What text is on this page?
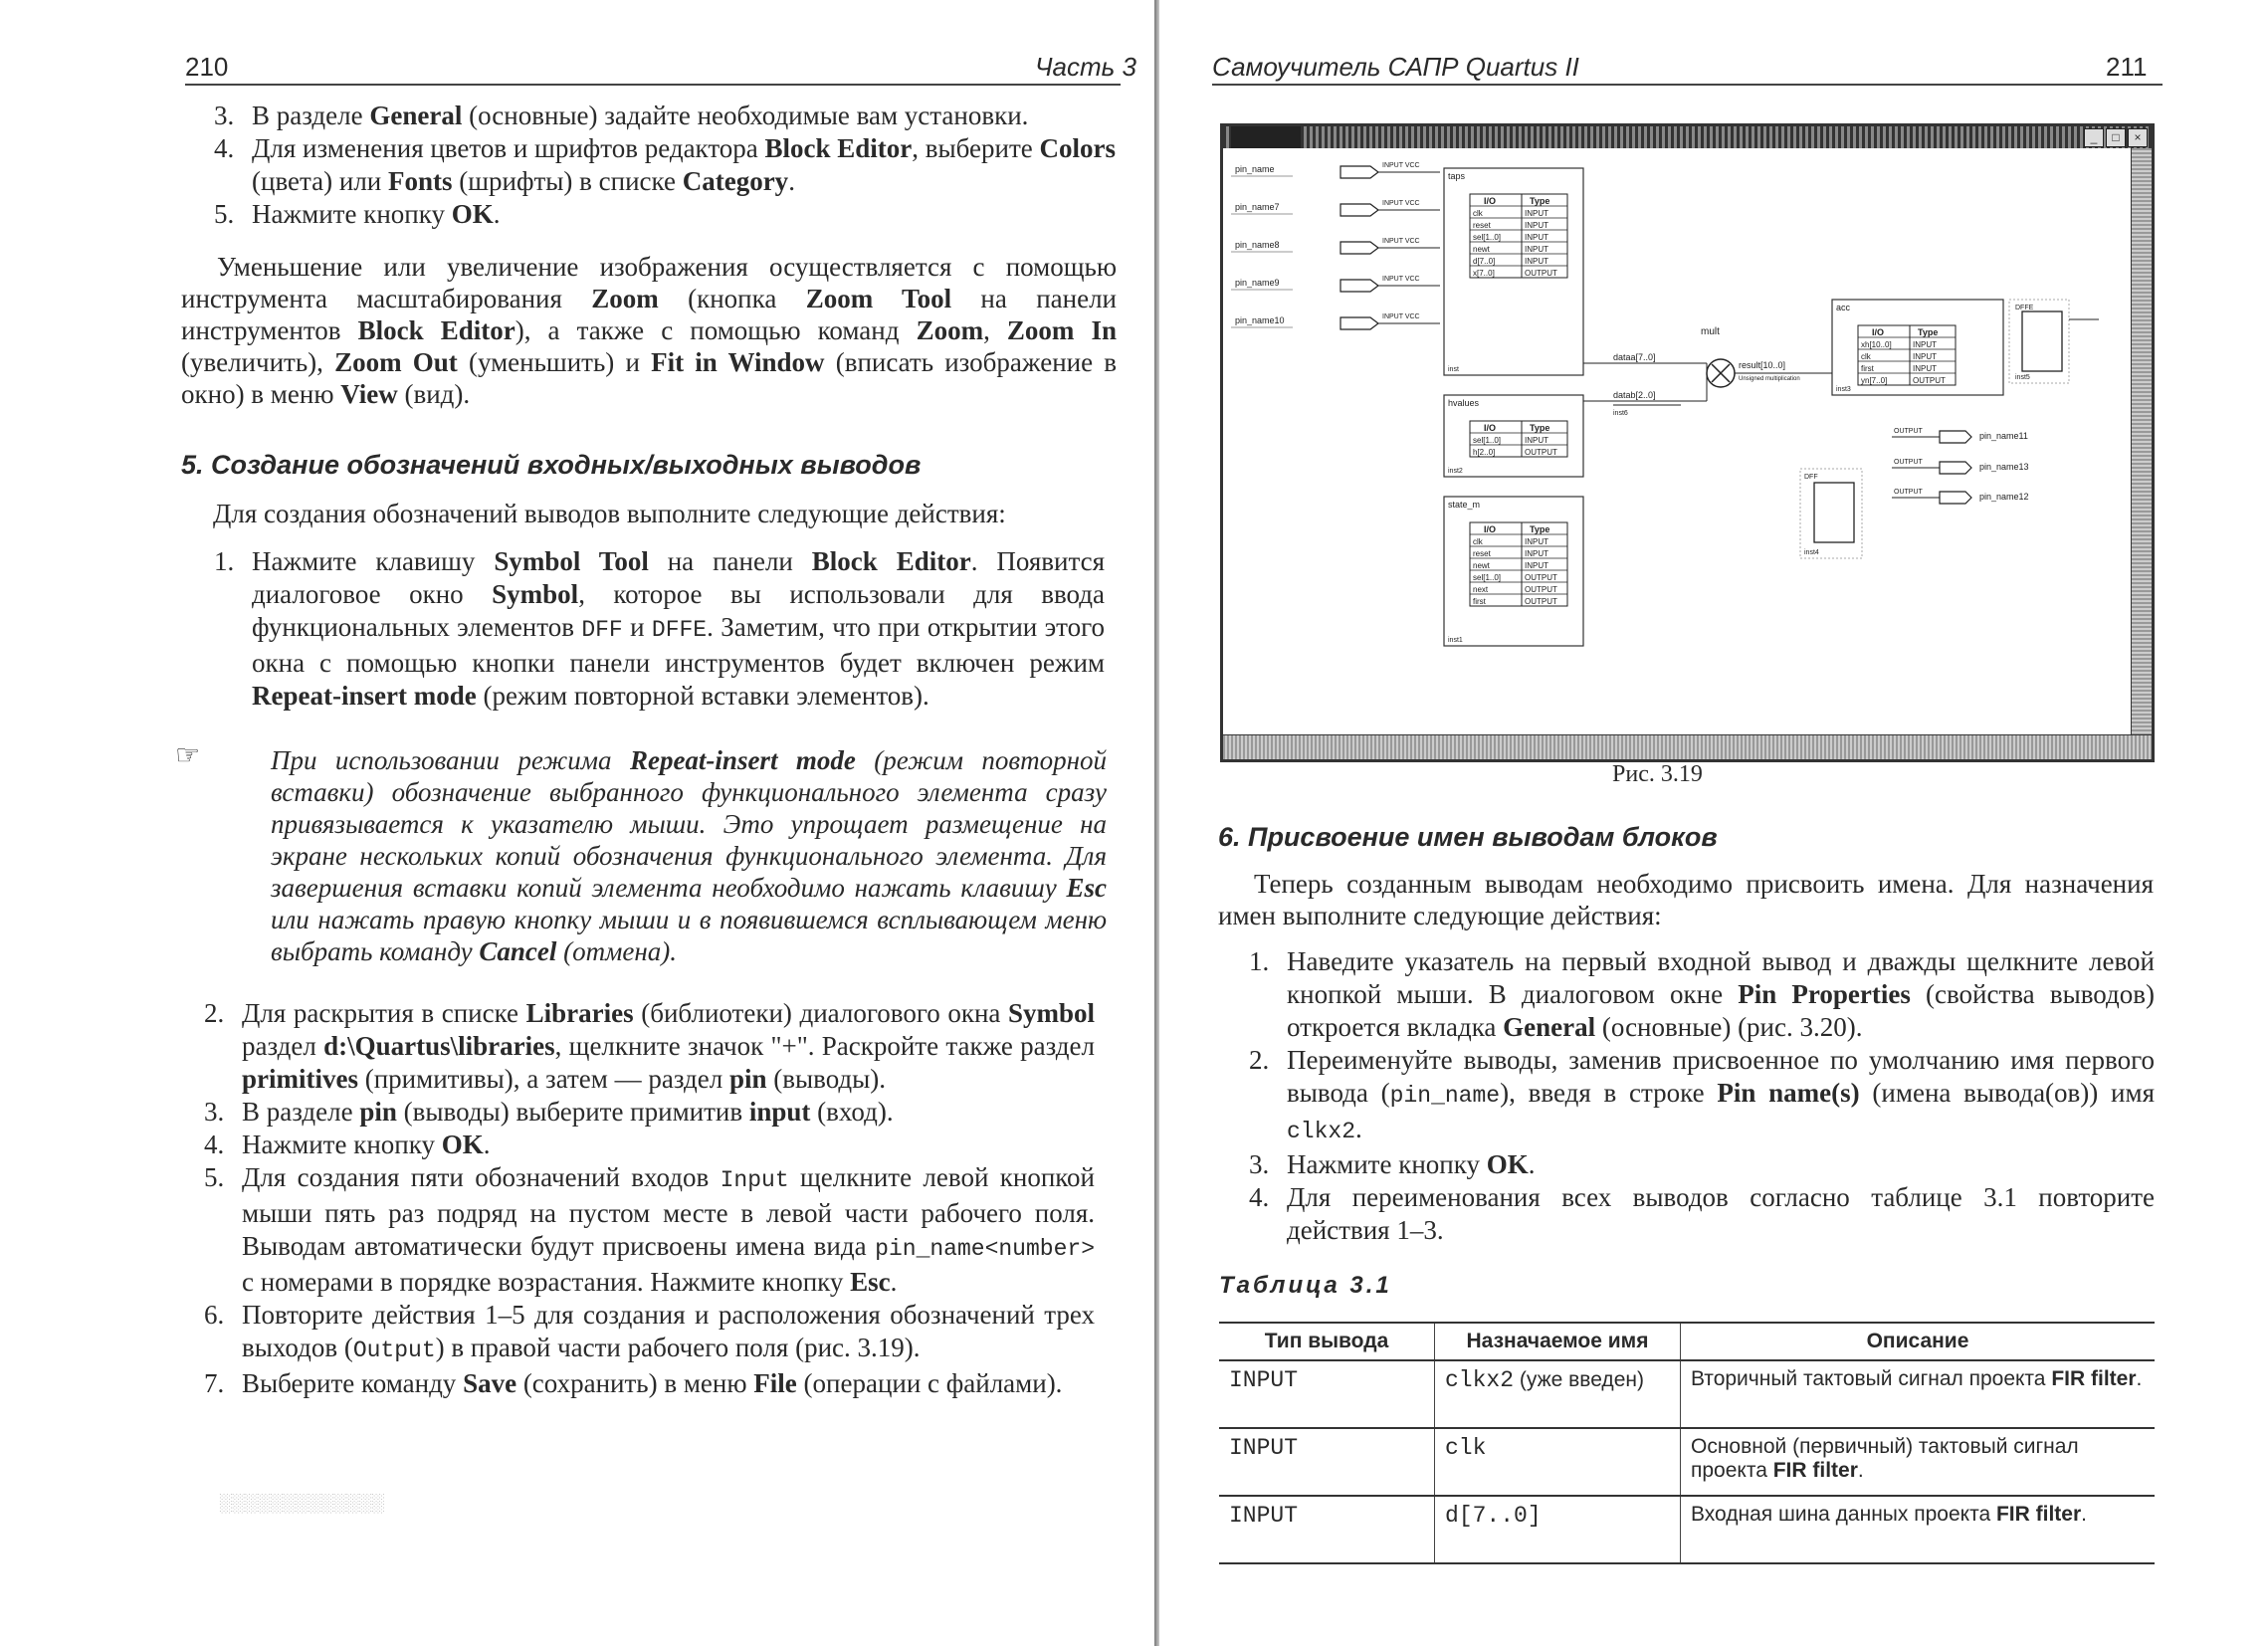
210	Часть 3
3. В разделе General (основные) задайте необходимые вам установки.
4. Для изменения цветов и шрифтов редактора Block Editor, выберите Colors (цвета) или Fonts (шрифты) в списке Category.
5. Нажмите кнопку OK.
Уменьшение или увеличение изображения осуществляется с помощью инструмента масштабирования Zoom (кнопка Zoom Tool на панели инструментов Block Editor), а также с помощью команд Zoom, Zoom In (увеличить), Zoom Out (уменьшить) и Fit in Window (вписать изображение в окно) в меню View (вид).
5. Создание обозначений входных/выходных выводов
Для создания обозначений выводов выполните следующие действия:
1. Нажмите клавишу Symbol Tool на панели Block Editor. Появится диалоговое окно Symbol, которое вы использовали для ввода функциональных элементов DFF и DFFE. Заметим, что при открытии этого окна с помощью кнопки панели инструментов будет включен режим Repeat-insert mode (режим повторной вставки элементов).
☞	При использовании режима Repeat-insert mode (режим повторной вставки) обозначение выбранного функционального элемента сразу привязывается к указателю мыши. Это упрощает размещение на экране нескольких копий обозначения функционального элемента. Для завершения вставки копий элемента необходимо нажать клавишу Esc или нажать правую кнопку мыши и в появившемся всплывающем меню выбрать команду Cancel (отмена).
2. Для раскрытия в списке Libraries (библиотеки) диалогового окна Symbol раздел d:\Quartus\libraries, щелкните значок "+". Раскройте также раздел primitives (примитивы), а затем — раздел pin (выводы).
3. В разделе pin (выводы) выберите примитив input (вход).
4. Нажмите кнопку OK.
5. Для создания пяти обозначений входов Input щелкните левой кнопкой мыши пять раз подряд на пустом месте в левой части рабочего поля. Выводам автоматически будут присвоены имена вида pin_name<number> с номерами в порядке возрастания. Нажмите кнопку Esc.
6. Повторите действия 1–5 для создания и расположения обозначений трех выходов (Output) в правой части рабочего поля (рис. 3.19).
7. Выберите команду Save (сохранить) в меню File (операции с файлами).
░░░░░░░░░░░░░
Самоучитель САПР Quartus II	211
_	□	×
pin_name	INPUT VCC
pin_name7	INPUT VCC
pin_name8	INPUT VCC
pin_name9	INPUT VCC
pin_name10	INPUT VCC
taps
inst
I/O	Type
clk	INPUT
reset	INPUT
sel[1..0]	INPUT
newt	INPUT
d[7..0]	INPUT
x[7..0]	OUTPUT
hvalues
inst2
I/O	Type
sel[1..0]	INPUT
h[2..0]	OUTPUT
state_m
inst1
I/O	Type
clk	INPUT
reset	INPUT
newt	INPUT
sel[1..0]	OUTPUT
next	OUTPUT
first	OUTPUT
acc
inst3
I/O	Type
xh[10..0]	INPUT
clk	INPUT
first	INPUT
yn[7..0]	OUTPUT
mult
dataa[7..0]
datab[2..0]
result[10..0]
Unsigned multiplication
inst6
DFFE
inst5
DFF
inst4
OUTPUT	pin_name11
OUTPUT	pin_name13
OUTPUT	pin_name12
Рис. 3.19
6. Присвоение имен выводам блоков
Теперь созданным выводам необходимо присвоить имена. Для назначения имен выполните следующие действия:
1. Наведите указатель на первый входной вывод и дважды щелкните левой кнопкой мыши. В диалоговом окне Pin Properties (свойства выводов) откроется вкладка General (основные) (рис. 3.20).
2. Переименуйте выводы, заменив присвоенное по умолчанию имя первого вывода (pin_name), введя в строке Pin name(s) (имена вывода(ов)) имя clkx2.
3. Нажмите кнопку OK.
4. Для переименования всех выводов согласно таблице 3.1 повторите действия 1–3.
Таблица 3.1
Тип вывода	Назначаемое имя	Описание
INPUT	clkx2 (уже введен)	Вторичный тактовый сигнал проекта FIR filter.
INPUT	clk	Основной (первичный) тактовый сигнал проекта FIR filter.
INPUT	d[7..0]	Входная шина данных проекта FIR filter.
